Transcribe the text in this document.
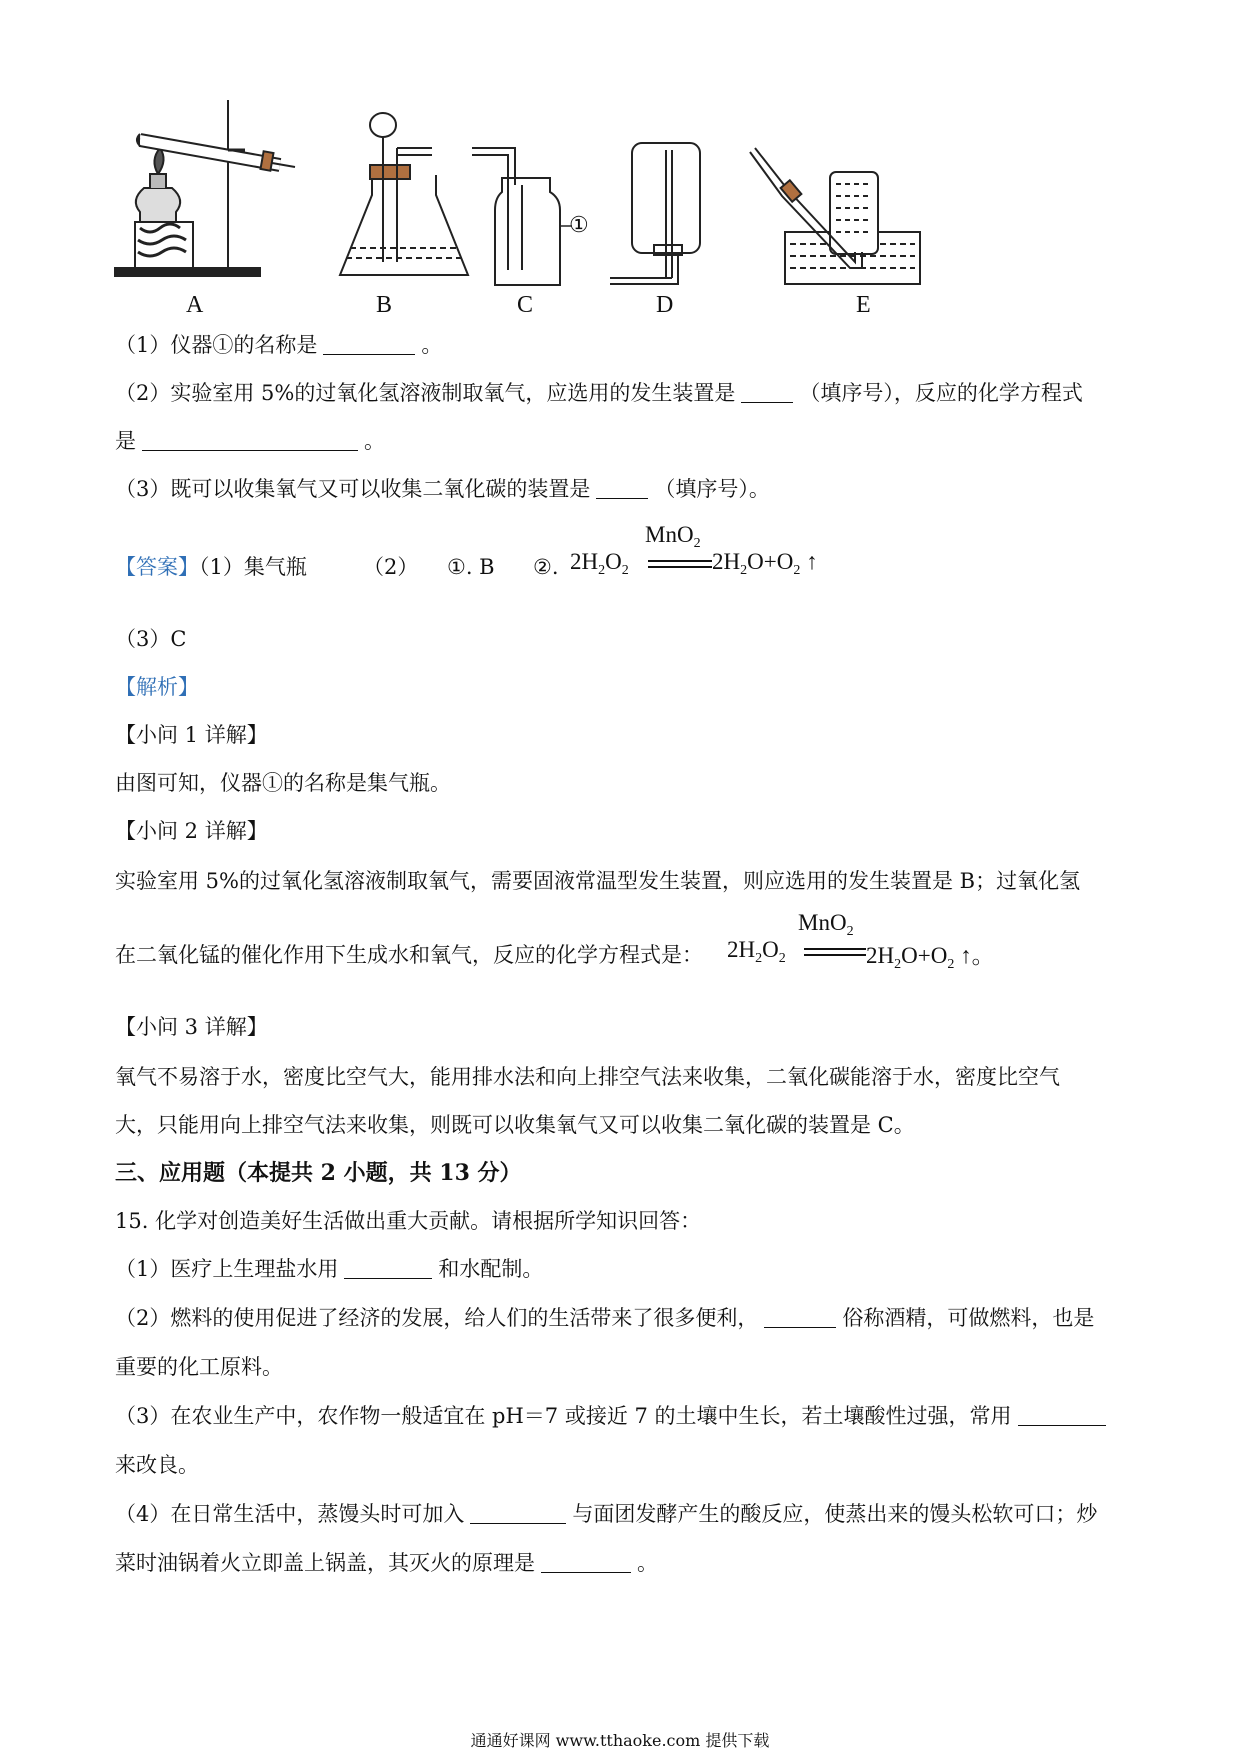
A	B	C	D	E
①
（1）仪器①的名称是	。
（2）实验室用 5%的过氧化氢溶液制取氧气，应选用的发生装置是	（填序号），反应的化学方程式
是	。
（3）既可以收集氧气又可以收集二氧化碳的装置是	（填序号）。
【答案】（1）集气瓶	（2） ①. B ②.
MnO$_2$
$2H_2O_2$	$2H_2O+O_2$ ↑
（3）C
【解析】
【小问 1 详解】
由图可知，仪器①的名称是集气瓶。
【小问 2 详解】
实验室用 5%的过氧化氢溶液制取氧气，需要固液常温型发生装置，则应选用的发生装置是 B；过氧化氢
在二氧化锰的催化作用下生成水和氧气，反应的化学方程式是：
MnO$_2$
$2H_2O_2$	$2H_2O+O_2$ ↑。
【小问 3 详解】
氧气不易溶于水，密度比空气大，能用排水法和向上排空气法来收集，二氧化碳能溶于水，密度比空气
大，只能用向上排空气法来收集，则既可以收集氧气又可以收集二氧化碳的装置是 C。
三、应用题（本提共 2 小题，共 13 分）
15. 化学对创造美好生活做出重大贡献。请根据所学知识回答：
（1）医疗上生理盐水用	和水配制。
（2）燃料的使用促进了经济的发展，给人们的生活带来了很多便利，	俗称酒精，可做燃料，也是
重要的化工原料。
（3）在农业生产中，农作物一般适宜在 pH＝7 或接近 7 的土壤中生长，若土壤酸性过强，常用
来改良。
（4）在日常生活中，蒸馒头时可加入	与面团发酵产生的酸反应，使蒸出来的馒头松软可口；炒
菜时油锅着火立即盖上锅盖，其灭火的原理是	。
通通好课网 www.tthaoke.com 提供下载
